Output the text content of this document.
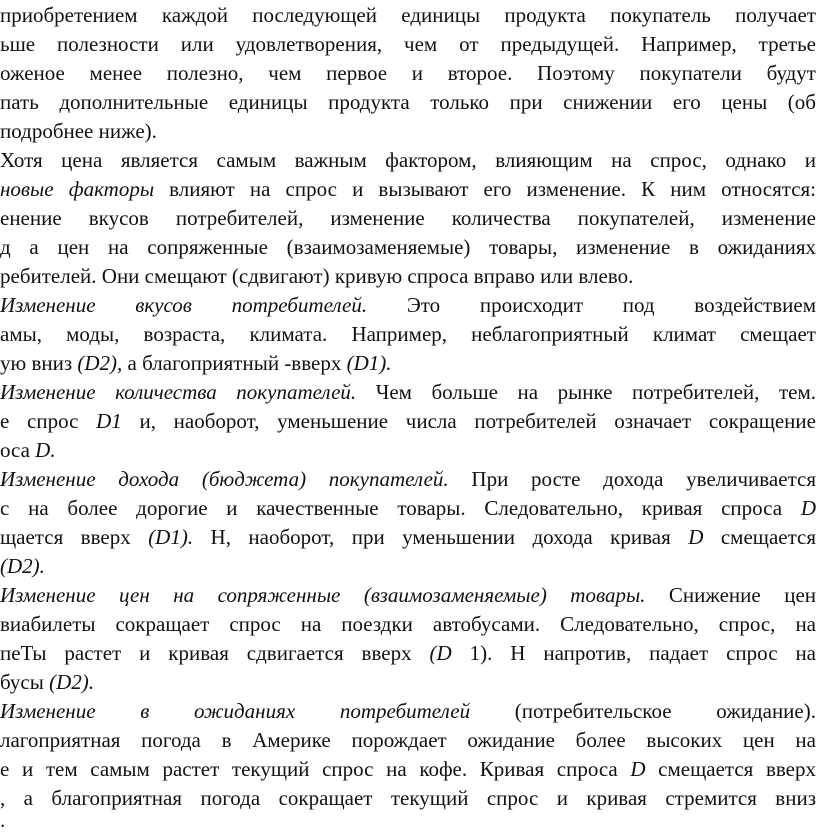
приобретением каждой последующей единицы продукта покупатель получает
ьше полезности или удовлетворения, чем от предыдущей. Например, третье
оженое менее полезно, чем первое и второе. Поэтому покупатели будут
пать дополнительные единицы продукта только при снижении его цены (об
подробнее ниже).
Хотя цена является самым важным фактором, влияющим на спрос, однако и
новые факторы влияют на спрос и вызывают его изменение. К ним относятся:
енение вкусов потребителей, изменение количества покупателей, изменение
д а цен на сопряженные (взаимозаменяемые) товары, изменение в ожиданиях
ребителей. Они смещают (сдвигают) кривую спроса вправо или влево.
Изменение вкусов потребителей. Это происходит под воздействием
амы, моды, возраста, климата. Например, неблагоприятный климат смещает
ую вниз (D2), а благоприятный -вверх (D1).
Изменение количества покупателей. Чем больше на рынке потребителей, тем.
е спрос D1 и, наоборот, уменьшение числа потребителей означает сокращение
оса D.
Изменение дохода (бюджета) покупателей. При росте дохода увеличивается
с на более дорогие и качественные товары. Следовательно, кривая спроса D
щается вверх (D1). Н, наоборот, при уменьшении дохода кривая D смещается
(D2).
Изменение цен на сопряженные (взаимозаменяемые) товары. Снижение цен
виабилеты сокращает спрос на поездки автобусами. Следовательно, спрос, на
пеТы растет и кривая сдвигается вверх (D 1). Н напротив, падает спрос на
бусы (D2).
Изменение в ожиданиях потребителей (потребительское ожидание).
лагоприятная погода в Америке порождает ожидание более высоких цен на
е и тем самым растет текущий спрос на кофе. Кривая спроса D смещается вверх
, а благоприятная погода сокращает текущий спрос и кривая стремится вниз
.
